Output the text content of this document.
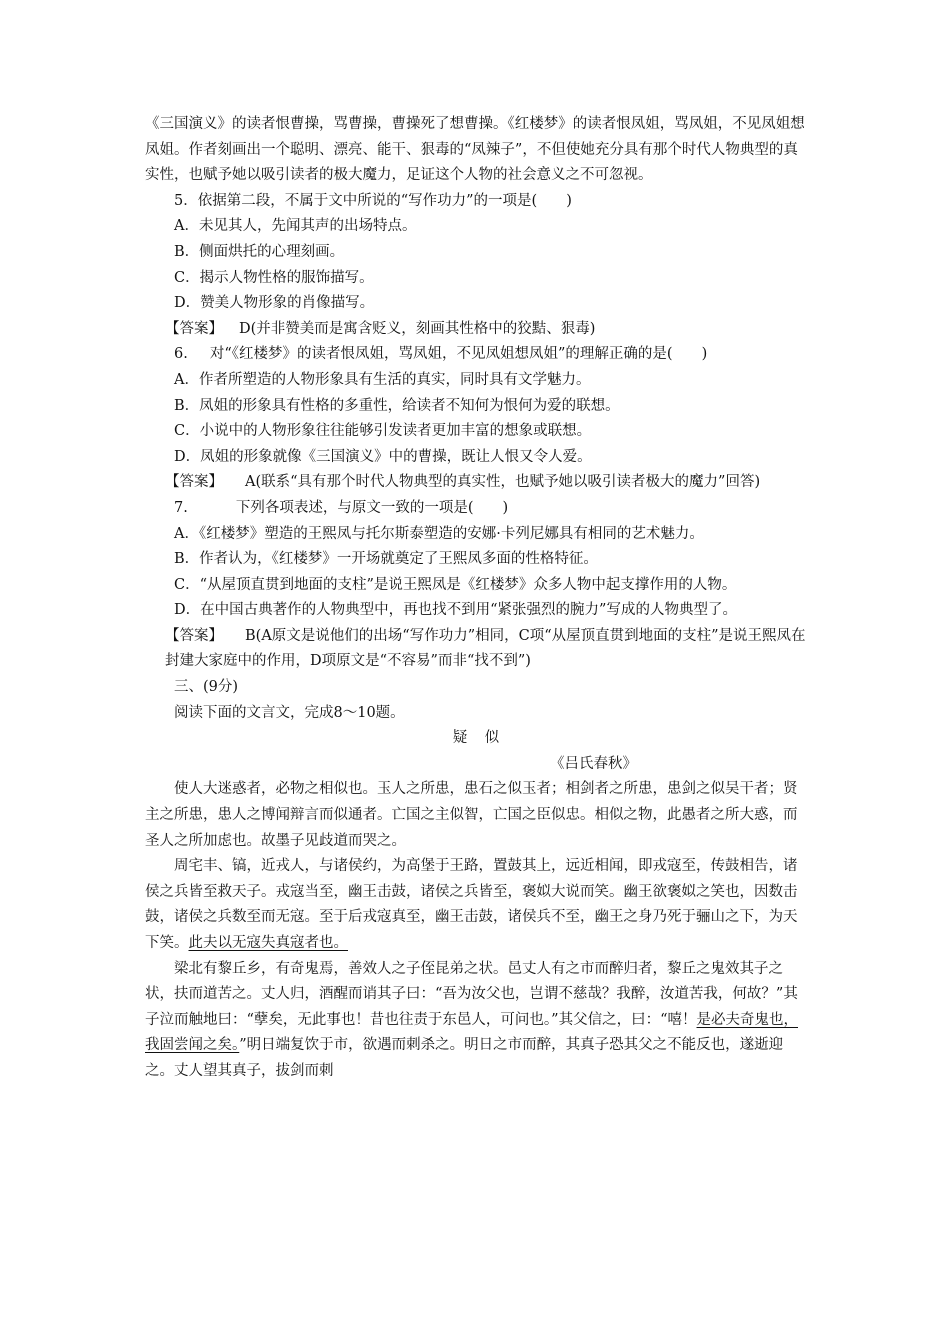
《三国演义》的读者恨曹操，骂曹操，曹操死了想曹操。《红楼梦》的读者恨凤姐，骂凤姐，不见凤姐想凤姐。作者刻画出一个聪明、漂亮、能干、狠毒的“凤辣子”，不但使她充分具有那个时代人物典型的真实性，也赋予她以吸引读者的极大魔力，足证这个人物的社会意义之不可忽视。

5．依据第二段，不属于文中所说的“写作功力”的一项是(　　)

A．未见其人，先闻其声的出场特点。

B．侧面烘托的心理刻画。

C．揭示人物性格的服饰描写。

D．赞美人物形象的肖像描写。

【答案】 D(并非赞美而是寓含贬义，刻画其性格中的狡黠、狠毒)

6. 对“《红楼梦》的读者恨凤姐，骂凤姐，不见凤姐想凤姐”的理解正确的是(　　)

A．作者所塑造的人物形象具有生活的真实，同时具有文学魅力。

B．凤姐的形象具有性格的多重性，给读者不知何为恨何为爱的联想。

C．小说中的人物形象往往能够引发读者更加丰富的想象或联想。

D．凤姐的形象就像《三国演义》中的曹操，既让人恨又令人爱。

【答案】 A(联系“具有那个时代人物典型的真实性，也赋予她以吸引读者极大的魔力”回答)

7.	下列各项表述，与原文一致的一项是(　　)

A．《红楼梦》塑造的王熙凤与托尔斯泰塑造的安娜·卡列尼娜具有相同的艺术魅力。

B．作者认为，《红楼梦》一开场就奠定了王熙凤多面的性格特征。

C．“从屋顶直贯到地面的支柱”是说王熙凤是《红楼梦》众多人物中起支撑作用的人物。

D．在中国古典著作的人物典型中，再也找不到用“紧张强烈的腕力”写成的人物典型了。

【答案】 B(A原文是说他们的出场“写作功力”相同，C项“从屋顶直贯到地面的支柱”是说王熙凤在封建大家庭中的作用，D项原文是“不容易”而非“找不到”)

三、(9分)

阅读下面的文言文，完成8～10题。

疑似

《吕氏春秋》

使人大迷惑者，必物之相似也。玉人之所患，患石之似玉者；相剑者之所患，患剑之似吴干者；贤主之所患，患人之博闻辩言而似通者。亡国之主似智，亡国之臣似忠。相似之物，此愚者之所大惑，而圣人之所加虑也。故墨子见歧道而哭之。

周宅丰、镐，近戎人，与诸侯约，为高堡于王路，置鼓其上，远近相闻，即戎寇至，传鼓相告，诸侯之兵皆至救天子。戎寇当至，幽王击鼓，诸侯之兵皆至，褒姒大说而笑。幽王欲褒姒之笑也，因数击鼓，诸侯之兵数至而无寇。至于后戎寇真至，幽王击鼓，诸侯兵不至，幽王之身乃死于骊山之下，为天下笑。此夫以无寇失真寇者也。

梁北有黎丘乡，有奇鬼焉，善效人之子侄昆弟之状。邑丈人有之市而醉归者，黎丘之鬼效其子之状，扶而道苦之。丈人归，酒醒而诮其子曰：“吾为汝父也，岂谓不慈哉？我醉，汝道苦我，何故？”其子泣而触地曰：“孽矣，无此事也！昔也往责于东邑人，可问也。”其父信之，曰：“嘻！是必夫奇鬼也，我固尝闻之矣。”明日端复饮于市，欲遇而刺杀之。明日之市而醉，其真子恐其父之不能反也，遂逝迎之。丈人望其真子，拔剑而刺
